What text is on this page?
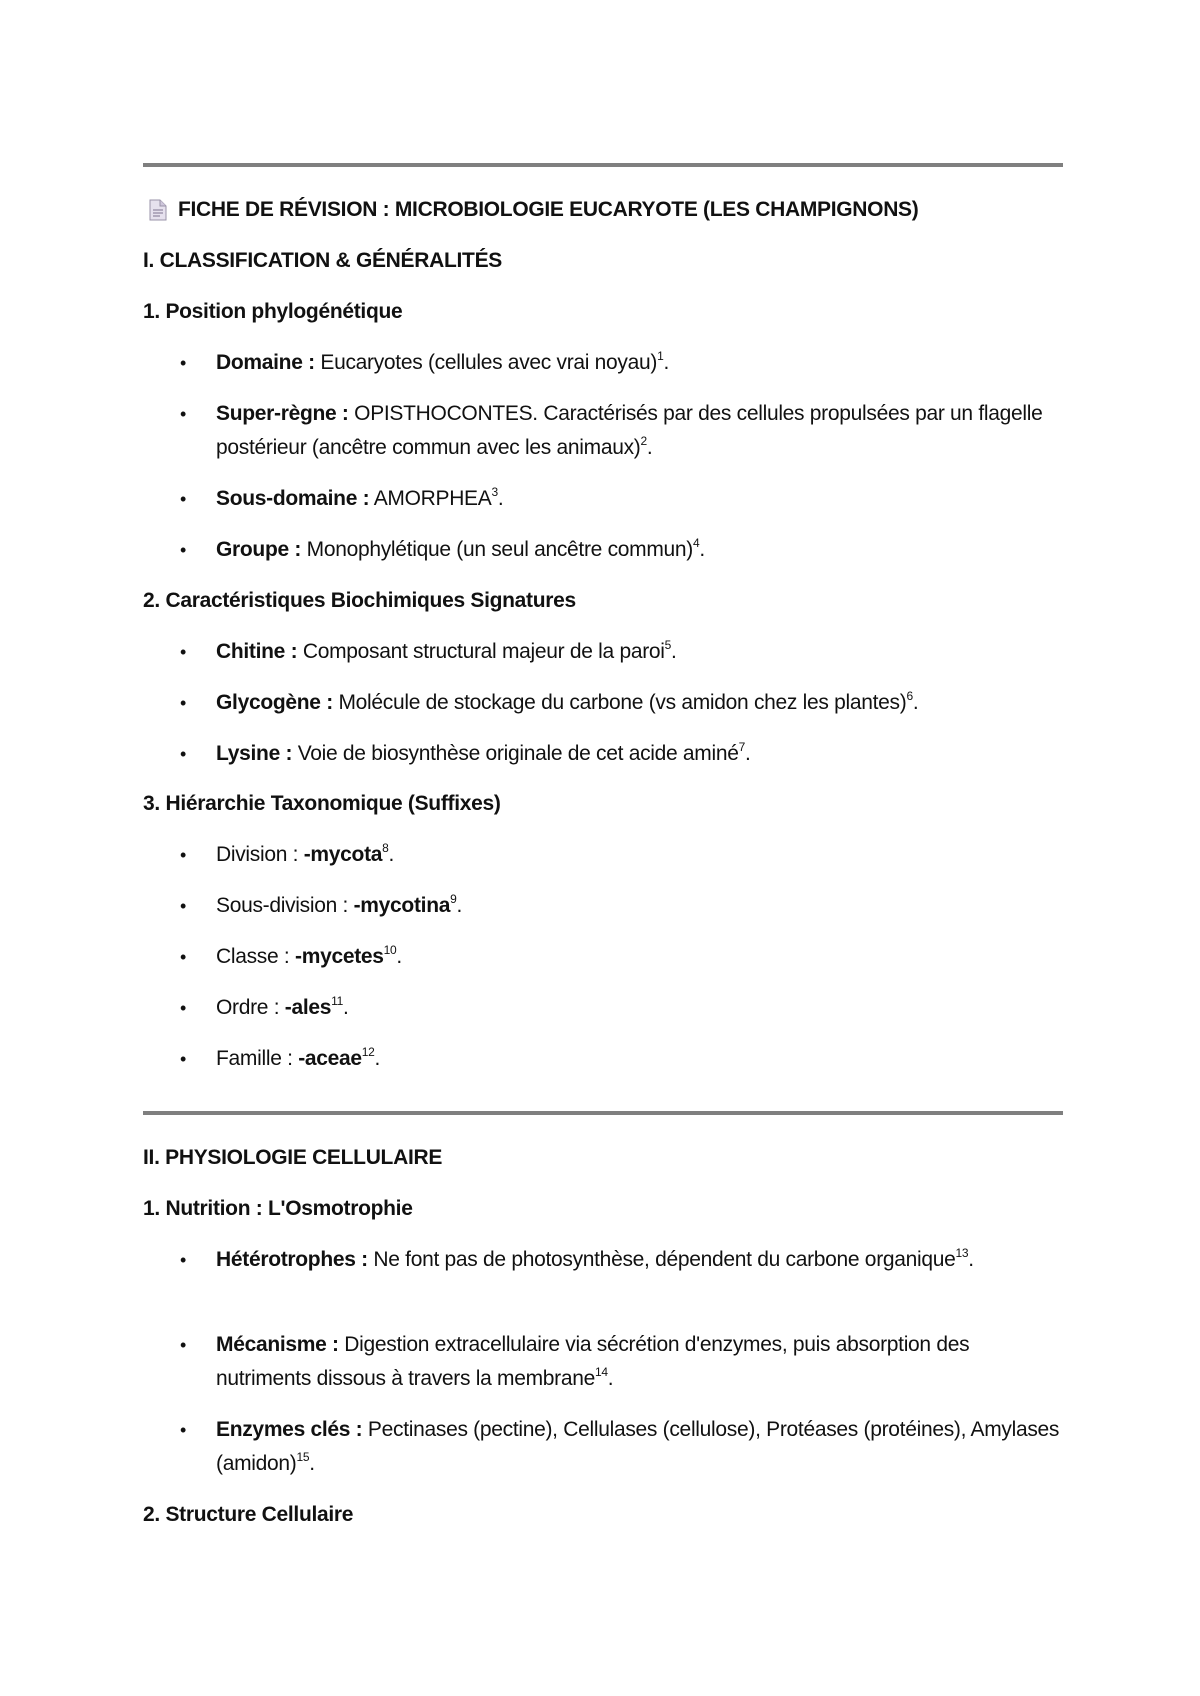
FICHE DE RÉVISION : MICROBIOLOGIE EUCARYOTE (LES CHAMPIGNONS)
I. CLASSIFICATION & GÉNÉRALITÉS
1. Position phylogénétique
• Domaine : Eucaryotes (cellules avec vrai noyau)$^1$.
• Super-règne : OPISTHOCONTES. Caractérisés par des cellules propulsées par un flagelle postérieur (ancêtre commun avec les animaux)$^2$.
• Sous-domaine : AMORPHEA$^3$.
• Groupe : Monophylétique (un seul ancêtre commun)$^4$.
2. Caractéristiques Biochimiques Signatures
• Chitine : Composant structural majeur de la paroi$^5$.
• Glycogène : Molécule de stockage du carbone (vs amidon chez les plantes)$^6$.
• Lysine : Voie de biosynthèse originale de cet acide aminé$^7$.
3. Hiérarchie Taxonomique (Suffixes)
• Division : -mycota$^8$.
• Sous-division : -mycotina$^9$.
• Classe : -mycetes$^{10}$.
• Ordre : -ales$^{11}$.
• Famille : -aceae$^{12}$.
II. PHYSIOLOGIE CELLULAIRE
1. Nutrition : L'Osmotrophie
• Hétérotrophes : Ne font pas de photosynthèse, dépendent du carbone organique$^{13}$.
• Mécanisme : Digestion extracellulaire via sécrétion d'enzymes, puis absorption des nutriments dissous à travers la membrane$^{14}$.
• Enzymes clés : Pectinases (pectine), Cellulases (cellulose), Protéases (protéines), Amylases (amidon)$^{15}$.
2. Structure Cellulaire
